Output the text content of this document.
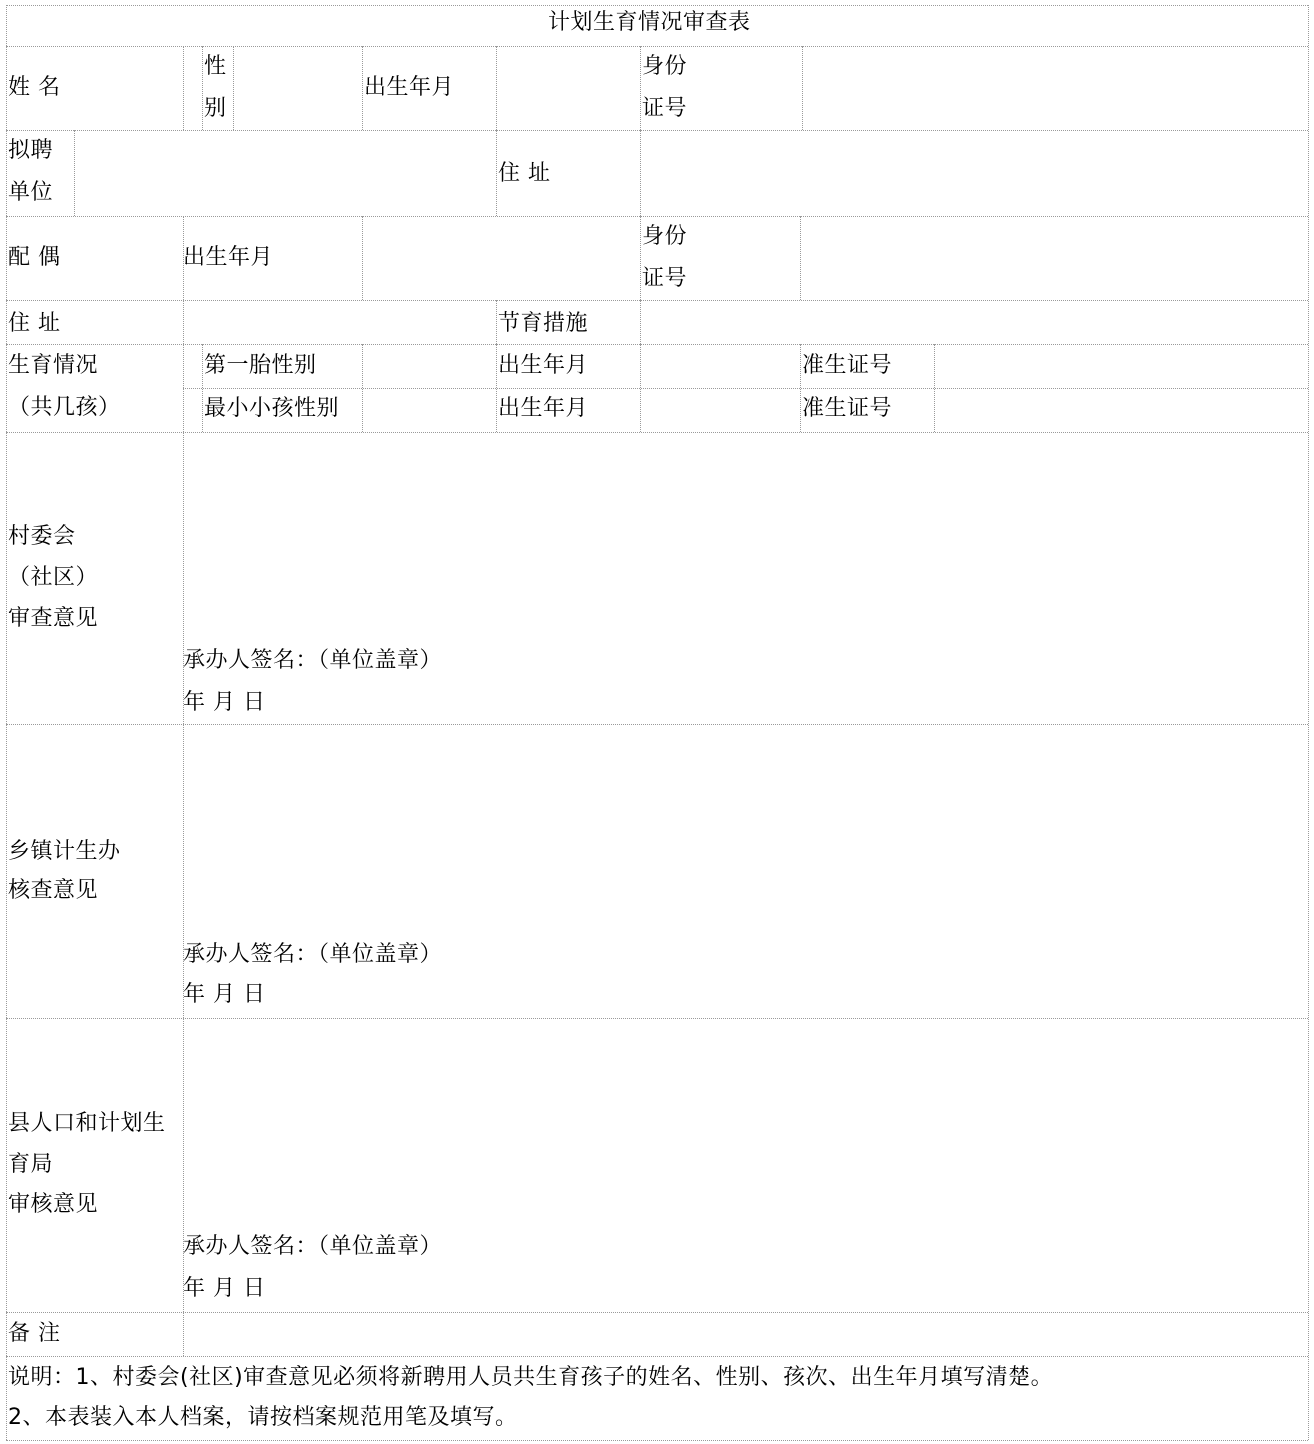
计划生育情况审查表
姓 名
性
别
出生年月
身份
证号
拟聘
单位
住 址
配 偶	出生年月
身份
证号
住 址	节育措施
生育情况
（共几孩）
第一胎性别
最小小孩性别
出生年月
出生年月
准生证号
准生证号
村委会
（社区）
审查意见
承办人签名：（单位盖章）
年 月 日
乡镇计生办
核查意见
承办人签名：（单位盖章）
年 月 日
县人口和计划生
育局
审核意见
承办人签名：（单位盖章）
年 月 日
备 注
说明：1、村委会(社区)审查意见必须将新聘用人员共生育孩子的姓名、性别、孩次、出生年月填写清楚。
2、本表装入本人档案，请按档案规范用笔及填写。
